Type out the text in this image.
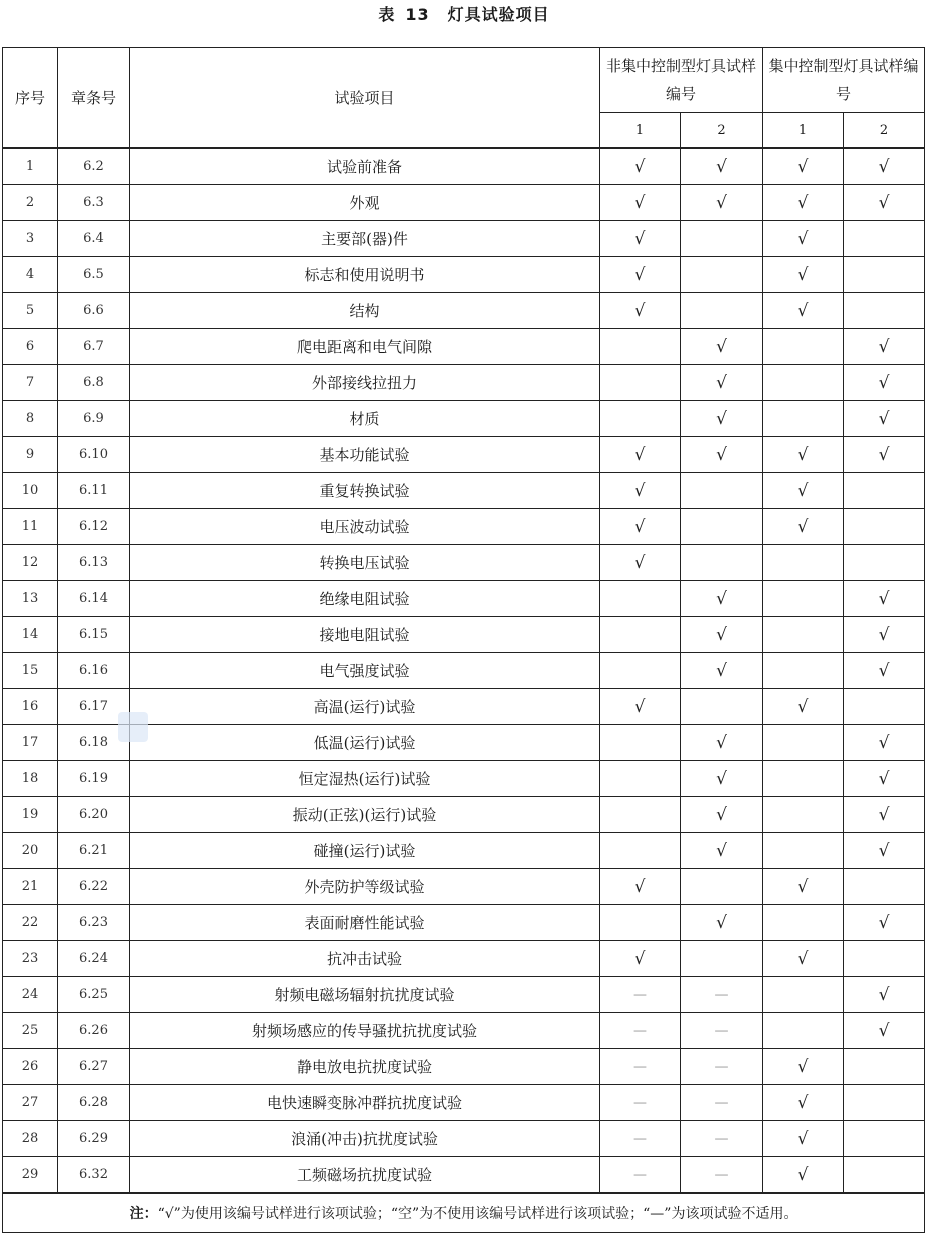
表 13 灯具试验项目
序号	章条号	试验项目	非集中控制型灯具试样编号		集中控制型灯具试样编号	
			1	2	1	2
1	6.2	试验前准备	√	√	√	√
2	6.3	外观	√	√	√	√
3	6.4	主要部(器)件	√		√	
4	6.5	标志和使用说明书	√		√	
5	6.6	结构	√		√	
6	6.7	爬电距离和电气间隙		√		√
7	6.8	外部接线拉扭力		√		√
8	6.9	材质		√		√
9	6.10	基本功能试验	√	√	√	√
10	6.11	重复转换试验	√		√	
11	6.12	电压波动试验	√		√	
12	6.13	转换电压试验	√			
13	6.14	绝缘电阻试验		√		√
14	6.15	接地电阻试验		√		√
15	6.16	电气强度试验		√		√
16	6.17	高温(运行)试验	√		√	
17	6.18	低温(运行)试验		√		√
18	6.19	恒定湿热(运行)试验		√		√
19	6.20	振动(正弦)(运行)试验		√		√
20	6.21	碰撞(运行)试验		√		√
21	6.22	外壳防护等级试验	√		√	
22	6.23	表面耐磨性能试验		√		√
23	6.24	抗冲击试验	√		√	
24	6.25	射频电磁场辐射抗扰度试验	—	—		√
25	6.26	射频场感应的传导骚扰抗扰度试验	—	—		√
26	6.27	静电放电抗扰度试验	—	—	√	
27	6.28	电快速瞬变脉冲群抗扰度试验	—	—	√	
28	6.29	浪涌(冲击)抗扰度试验	—	—	√	
29	6.32	工频磁场抗扰度试验	—	—	√	
注：“√”为使用该编号试样进行该项试验；“空”为不使用该编号试样进行该项试验；“—”为该项试验不适用。						
